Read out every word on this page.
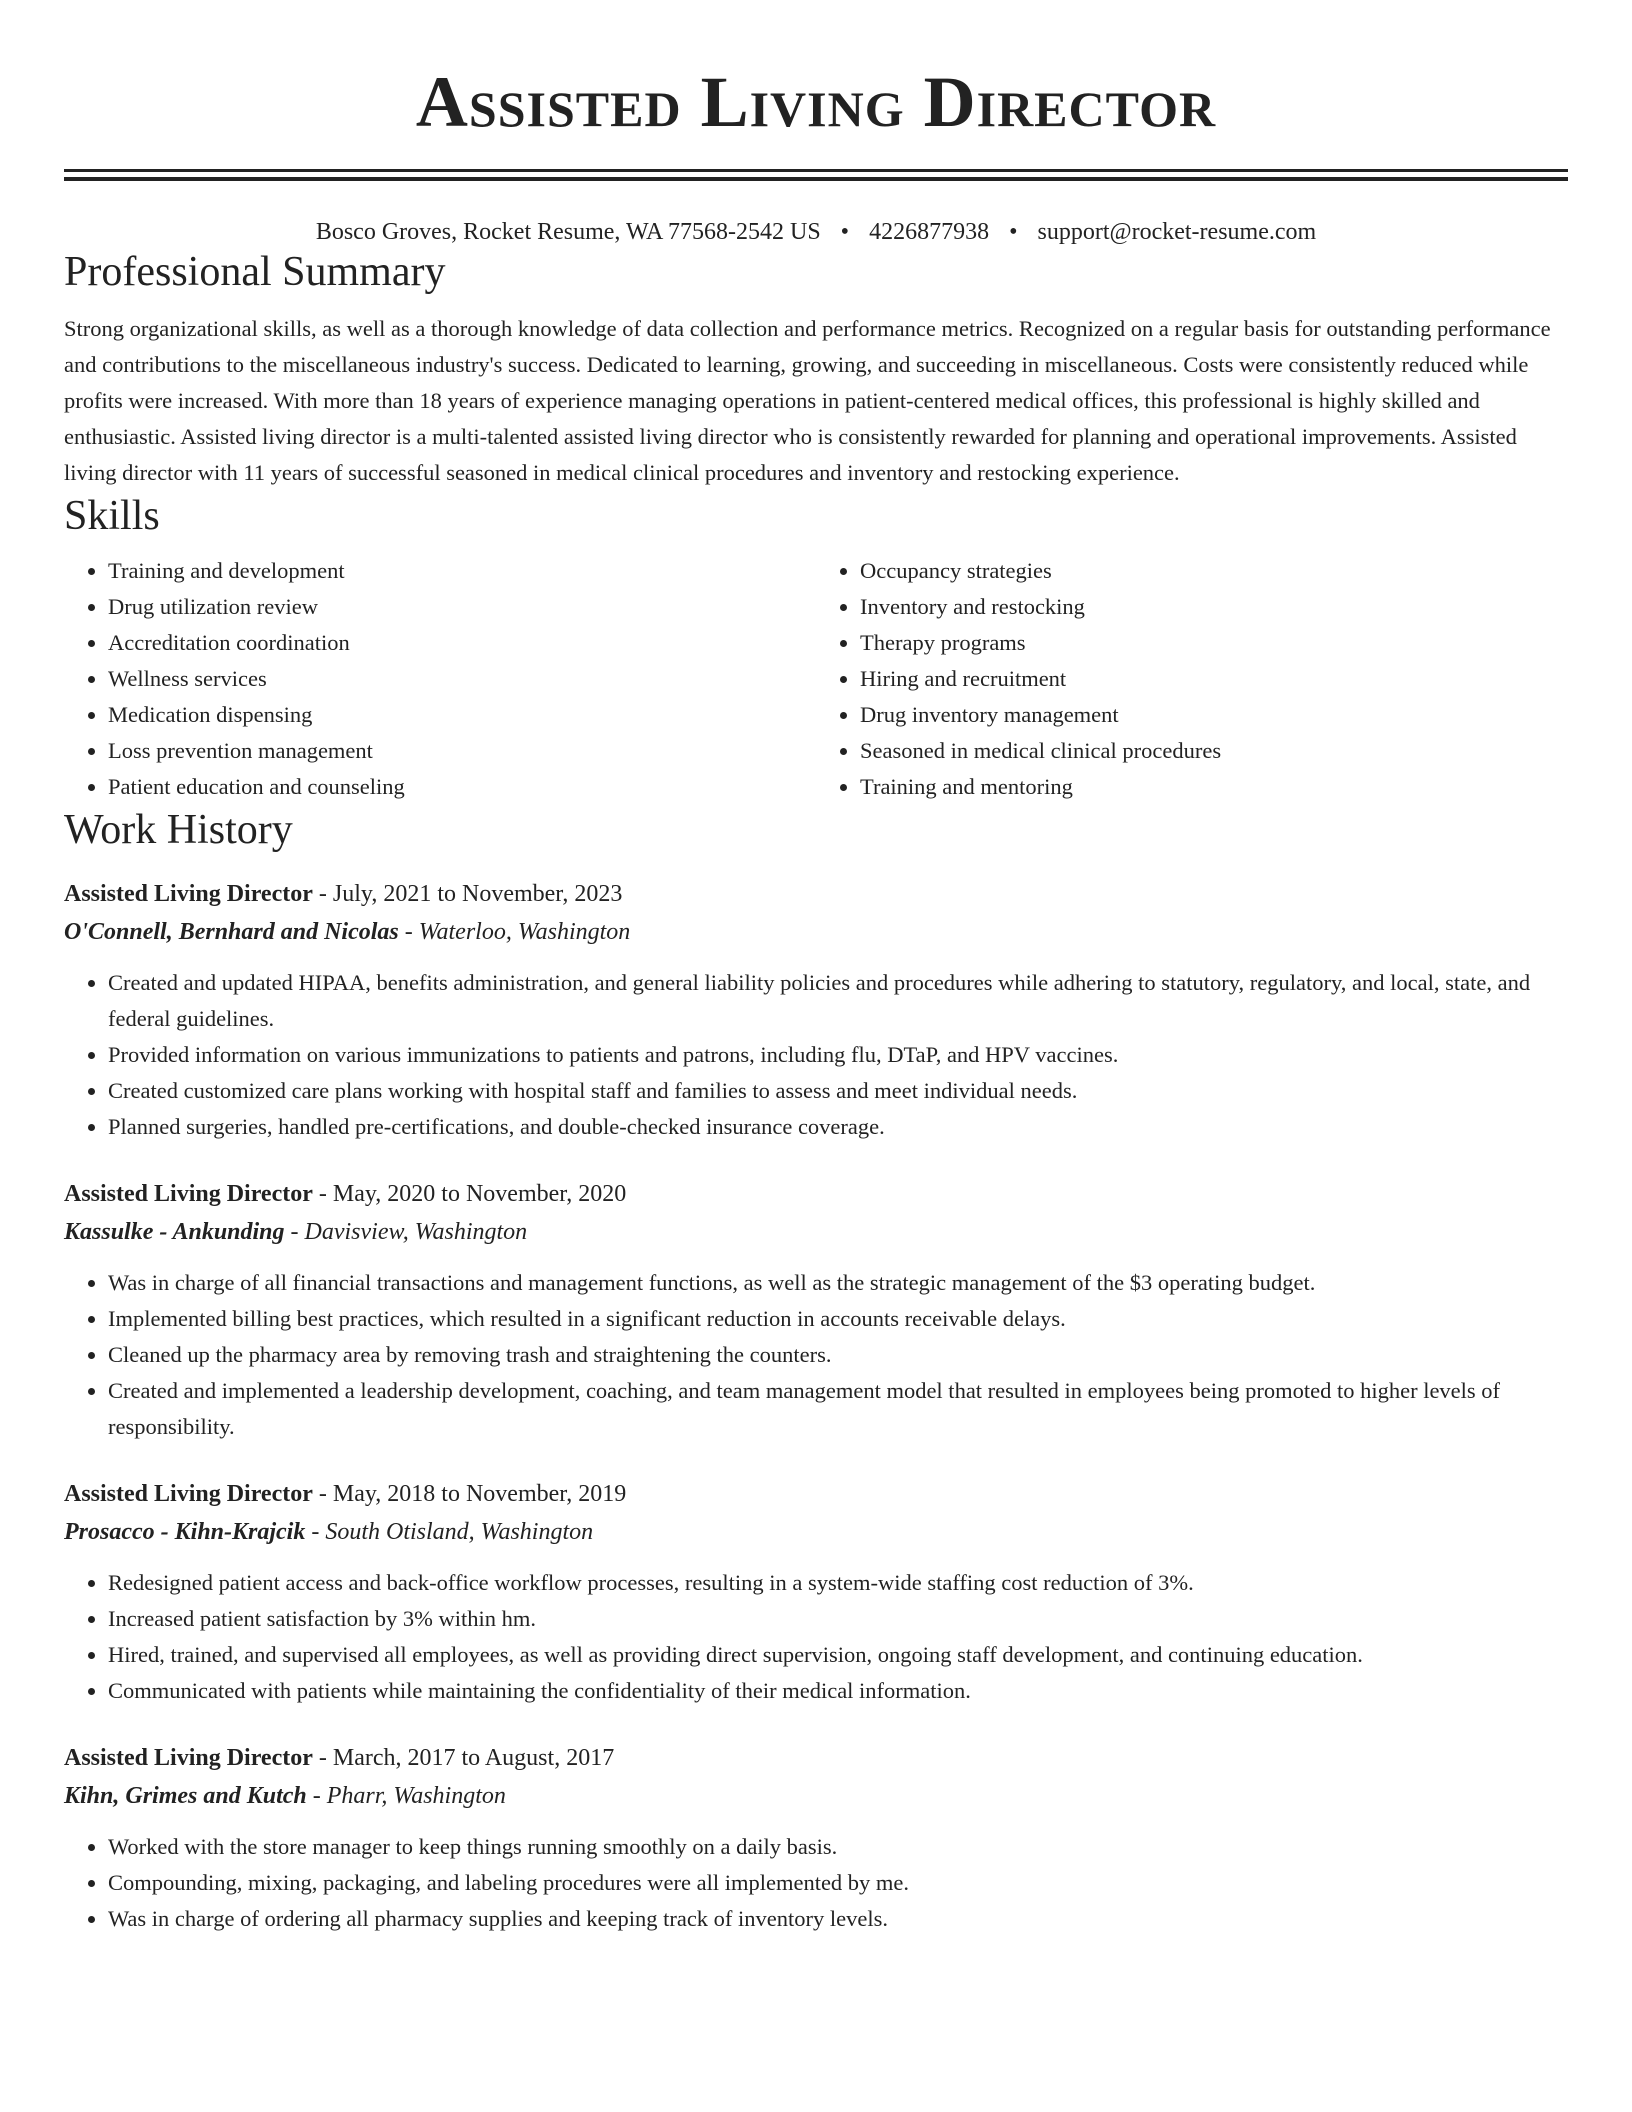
Assisted Living Director
Bosco Groves, Rocket Resume, WA 77568-2542 US • 4226877938 • support@rocket-resume.com
Professional Summary

Strong organizational skills, as well as a thorough knowledge of data collection and performance metrics. Recognized on a regular basis for outstanding performance and contributions to the miscellaneous industry's success. Dedicated to learning, growing, and succeeding in miscellaneous. Costs were consistently reduced while profits were increased. With more than 18 years of experience managing operations in patient-centered medical offices, this professional is highly skilled and enthusiastic. Assisted living director is a multi-talented assisted living director who is consistently rewarded for planning and operational improvements. Assisted living director with 11 years of successful seasoned in medical clinical procedures and inventory and restocking experience.

Skills
• Training and development
• Drug utilization review
• Accreditation coordination
• Wellness services
• Medication dispensing
• Loss prevention management
• Patient education and counseling
• Occupancy strategies
• Inventory and restocking
• Therapy programs
• Hiring and recruitment
• Drug inventory management
• Seasoned in medical clinical procedures
• Training and mentoring
Work History
Assisted Living Director - July, 2021 to November, 2023
O'Connell, Bernhard and Nicolas - Waterloo, Washington
• Created and updated HIPAA, benefits administration, and general liability policies and procedures while adhering to statutory, regulatory, and local, state, and federal guidelines.
• Provided information on various immunizations to patients and patrons, including flu, DTaP, and HPV vaccines.
• Created customized care plans working with hospital staff and families to assess and meet individual needs.
• Planned surgeries, handled pre-certifications, and double-checked insurance coverage.
Assisted Living Director - May, 2020 to November, 2020
Kassulke - Ankunding - Davisview, Washington
• Was in charge of all financial transactions and management functions, as well as the strategic management of the $3 operating budget.
• Implemented billing best practices, which resulted in a significant reduction in accounts receivable delays.
• Cleaned up the pharmacy area by removing trash and straightening the counters.
• Created and implemented a leadership development, coaching, and team management model that resulted in employees being promoted to higher levels of responsibility.
Assisted Living Director - May, 2018 to November, 2019
Prosacco - Kihn-Krajcik - South Otisland, Washington
• Redesigned patient access and back-office workflow processes, resulting in a system-wide staffing cost reduction of 3%.
• Increased patient satisfaction by 3% within hm.
• Hired, trained, and supervised all employees, as well as providing direct supervision, ongoing staff development, and continuing education.
• Communicated with patients while maintaining the confidentiality of their medical information.
Assisted Living Director - March, 2017 to August, 2017
Kihn, Grimes and Kutch - Pharr, Washington
• Worked with the store manager to keep things running smoothly on a daily basis.
• Compounding, mixing, packaging, and labeling procedures were all implemented by me.
• Was in charge of ordering all pharmacy supplies and keeping track of inventory levels.
